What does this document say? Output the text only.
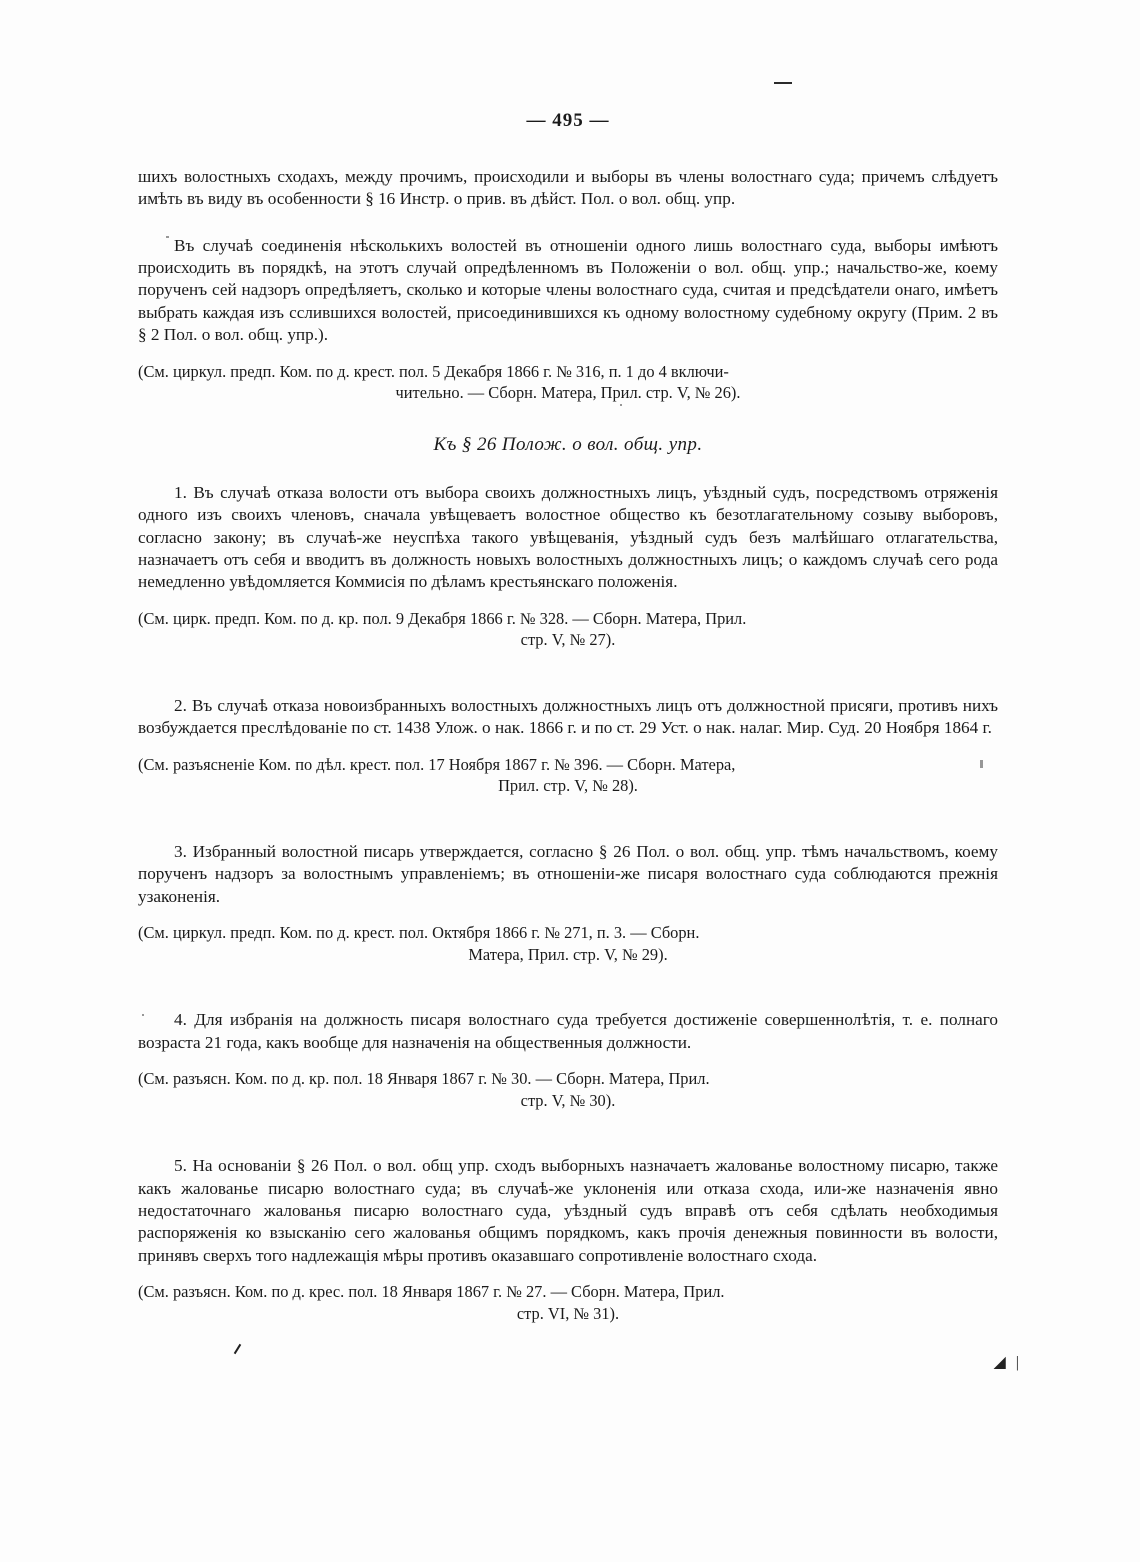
— 495 —

шихъ волостныхъ сходахъ, между прочимъ, происходили и выборы въ члены волостнаго суда; причемъ слѣдуетъ имѣть въ виду въ особенности § 16 Инстр. о прив. въ дѣйст. Пол. о вол. общ. упр.

Въ случаѣ соединенія нѣсколькихъ волостей въ отношеніи одного лишь волостнаго суда, выборы имѣютъ происходить въ порядкѣ, на этотъ случай опредѣленномъ въ Положеніи о вол. общ. упр.; начальство-же, коему порученъ сей надзоръ опредѣляетъ, сколько и которые члены волостнаго суда, считая и предсѣдатели онаго, имѣетъ выбрать каждая изъ сслившихся волостей, присоединившихся къ одному волостному судебному округу (Прим. 2 въ § 2 Пол. о вол. общ. упр.).

(См. циркул. предп. Ком. по д. крест. пол. 5 Декабря 1866 г. № 316, п. 1 до 4 включи-
чительно. — Сборн. Матера, Прил. стр. V, № 26).
Къ § 26 Полож. о вол. общ. упр.

1. Въ случаѣ отказа волости отъ выбора своихъ должностныхъ лицъ, уѣздный судъ, посредствомъ отряженія одного изъ своихъ членовъ, сначала увѣщеваетъ волостное общество къ безотлагательному созыву выборовъ, согласно закону; въ случаѣ-же неуспѣха такого увѣщеванія, уѣздный судъ безъ малѣйшаго отлагательства, назначаетъ отъ себя и вводитъ въ должность новыхъ волостныхъ должностныхъ лицъ; о каждомъ случаѣ сего рода немедленно увѣдомляется Коммисія по дѣламъ крестьянскаго положенія.

(См. цирк. предп. Ком. по д. кр. пол. 9 Декабря 1866 г. № 328. — Сборн. Матера, Прил.
стр. V, № 27).

2. Въ случаѣ отказа новоизбранныхъ волостныхъ должностныхъ лицъ отъ должностной присяги, противъ нихъ возбуждается преслѣдованіе по ст. 1438 Улож. о нак. 1866 г. и по ст. 29 Уст. о нак. налаг. Мир. Суд. 20 Ноября 1864 г.

(См. разъясненіе Ком. по дѣл. крест. пол. 17 Ноября 1867 г. № 396. — Сборн. Матера,
Прил. стр. V, № 28).

3. Избранный волостной писарь утверждается, согласно § 26 Пол. о вол. общ. упр. тѣмъ начальствомъ, коему порученъ надзоръ за волостнымъ управленіемъ; въ отношеніи-же писаря волостнаго суда соблюдаются прежнія узаконенія.

(См. циркул. предп. Ком. по д. крест. пол. Октября 1866 г. № 271, п. 3. — Сборн.
Матера, Прил. стр. V, № 29).

4. Для избранія на должность писаря волостнаго суда требуется достиженіе совершеннолѣтія, т. е. полнаго возраста 21 года, какъ вообще для назначенія на общественныя должности.

(См. разъясн. Ком. по д. кр. пол. 18 Января 1867 г. № 30. — Сборн. Матера, Прил.
стр. V, № 30).

5. На основаніи § 26 Пол. о вол. общ упр. сходъ выборныхъ назначаетъ жалованье волостному писарю, также какъ жалованье писарю волостнаго суда; въ случаѣ-же уклоненія или отказа схода, или-же назначенія явно недостаточнаго жалованья писарю волостнаго суда, уѣздный судъ вправѣ отъ себя сдѣлать необходимыя распоряженія ко взысканію сего жалованья общимъ порядкомъ, какъ прочія денежныя повинности въ волости, принявъ сверхъ того надлежащія мѣры противъ оказавшаго сопротивленіе волостнаго схода.

(См. разъясн. Ком. по д. крес. пол. 18 Января 1867 г. № 27. — Сборн. Матера, Прил.
стр. VI, № 31).
◢ |
